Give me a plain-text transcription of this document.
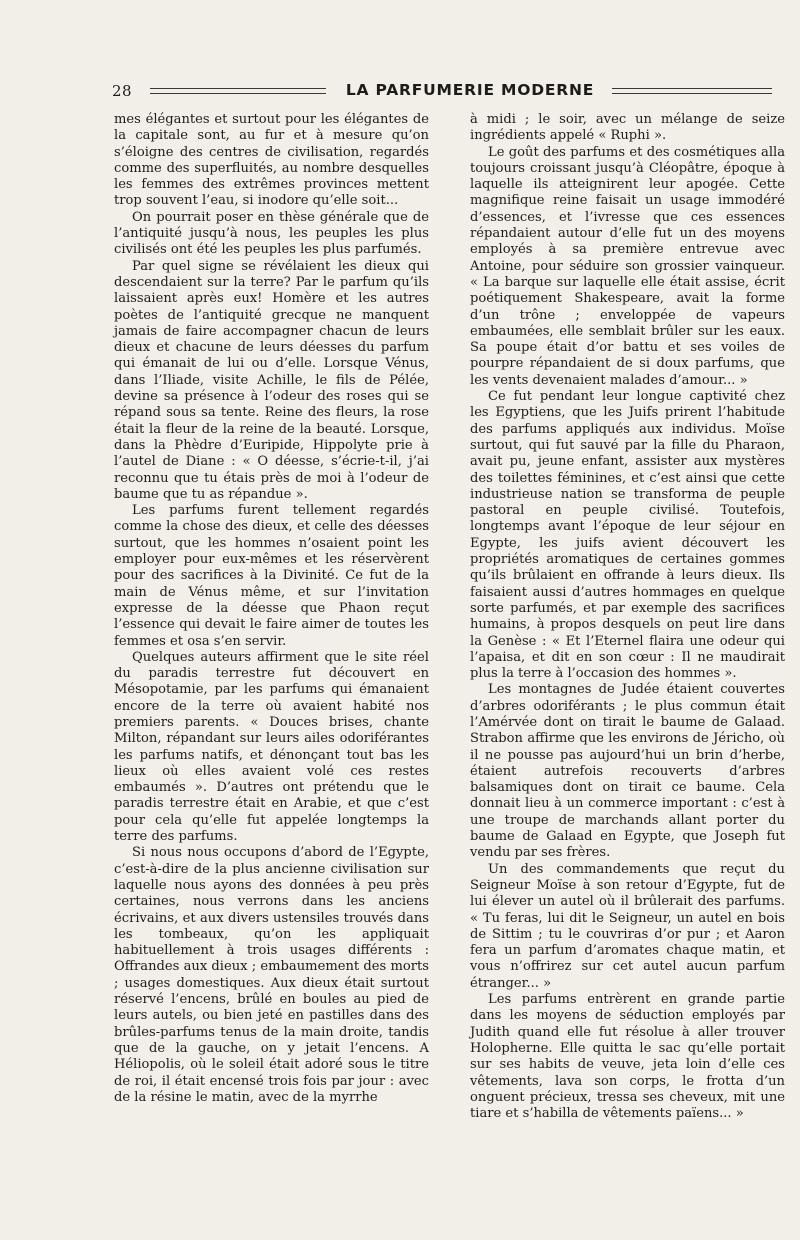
28	LA PARFUMERIE MODERNE

mes élégantes et surtout pour les élégantes de la capitale sont, au fur et à mesure qu’on s’éloigne des centres de civilisation, regardés comme des superfluités, au nombre desquelles les femmes des extrêmes provinces mettent trop souvent l’eau, si inodore qu’elle soit...

On pourrait poser en thèse générale que de l’antiquité jusqu’à nous, les peuples les plus civilisés ont été les peuples les plus parfumés.

Par quel signe se révélaient les dieux qui descendaient sur la terre? Par le parfum qu’ils laissaient après eux! Homère et les autres poètes de l’antiquité grecque ne manquent jamais de faire accompagner chacun de leurs dieux et chacune de leurs déesses du parfum qui émanait de lui ou d’elle. Lorsque Vénus, dans l’Iliade, visite Achille, le fils de Pélée, devine sa présence à l’odeur des roses qui se répand sous sa tente. Reine des fleurs, la rose était la fleur de la reine de la beauté. Lorsque, dans la Phèdre d’Euripide, Hippolyte prie à l’autel de Diane : « O déesse, s’écrie-t-il, j’ai reconnu que tu étais près de moi à l’odeur de baume que tu as répandue ».

Les parfums furent tellement regardés comme la chose des dieux, et celle des déesses surtout, que les hommes n’osaient point les employer pour eux-mêmes et les réservèrent pour des sacrifices à la Divinité. Ce fut de la main de Vénus même, et sur l’invitation expresse de la déesse que Phaon reçut l’essence qui devait le faire aimer de toutes les femmes et osa s’en servir.

Quelques auteurs affirment que le site réel du paradis terrestre fut découvert en Mésopotamie, par les parfums qui émanaient encore de la terre où avaient habité nos premiers parents. « Douces brises, chante Milton, répandant sur leurs ailes odoriférantes les parfums natifs, et dénonçant tout bas les lieux où elles avaient volé ces restes embaumés ». D’autres ont prétendu que le paradis terrestre était en Arabie, et que c’est pour cela qu’elle fut appelée longtemps la terre des parfums.

Si nous nous occupons d’abord de l’Egypte, c’est-à-dire de la plus ancienne civilisation sur laquelle nous ayons des données à peu près certaines, nous verrons dans les anciens écrivains, et aux divers ustensiles trouvés dans les tombeaux, qu’on les appliquait habituellement à trois usages différents : Offrandes aux dieux ; embaumement des morts ; usages domestiques. Aux dieux était surtout réservé l’encens, brûlé en boules au pied de leurs autels, ou bien jeté en pastilles dans des brûles-parfums tenus de la main droite, tandis que de la gauche, on y jetait l’encens. A Héliopolis, où le soleil était adoré sous le titre de roi, il était encensé trois fois par jour : avec de la résine le matin, avec de la myrrhe

à midi ; le soir, avec un mélange de seize ingrédients appelé « Ruphi ».

Le goût des parfums et des cosmétiques alla toujours croissant jusqu’à Cléopâtre, époque à laquelle ils atteignirent leur apogée. Cette magnifique reine faisait un usage immodéré d’essences, et l’ivresse que ces essences répandaient autour d’elle fut un des moyens employés à sa première entrevue avec Antoine, pour séduire son grossier vainqueur. « La barque sur laquelle elle était assise, écrit poétiquement Shakespeare, avait la forme d’un trône ; enveloppée de vapeurs embaumées, elle semblait brûler sur les eaux. Sa poupe était d’or battu et ses voiles de pourpre répandaient de si doux parfums, que les vents devenaient malades d’amour... »

Ce fut pendant leur longue captivité chez les Egyptiens, que les Juifs prirent l’habitude des parfums appliqués aux individus. Moïse surtout, qui fut sauvé par la fille du Pharaon, avait pu, jeune enfant, assister aux mystères des toilettes féminines, et c’est ainsi que cette industrieuse nation se transforma de peuple pastoral en peuple civilisé. Toutefois, longtemps avant l’époque de leur séjour en Egypte, les juifs avient découvert les propriétés aromatiques de certaines gommes qu’ils brûlaient en offrande à leurs dieux. Ils faisaient aussi d’autres hommages en quelque sorte parfumés, et par exemple des sacrifices humains, à propos desquels on peut lire dans la Genèse : « Et l’Eternel flaira une odeur qui l’apaisa, et dit en son cœur : Il ne maudirait plus la terre à l’occasion des hommes ».

Les montagnes de Judée étaient couvertes d’arbres odoriférants ; le plus commun était l’Amérvée dont on tirait le baume de Galaad. Strabon affirme que les environs de Jéricho, où il ne pousse pas aujourd’hui un brin d’herbe, étaient autrefois recouverts d’arbres balsamiques dont on tirait ce baume. Cela donnait lieu à un commerce important : c’est à une troupe de marchands allant porter du baume de Galaad en Egypte, que Joseph fut vendu par ses frères.

Un des commandements que reçut du Seigneur Moïse à son retour d’Egypte, fut de lui élever un autel où il brûlerait des parfums. « Tu feras, lui dit le Seigneur, un autel en bois de Sittim ; tu le couvriras d’or pur ; et Aaron fera un parfum d’aromates chaque matin, et vous n’offrirez sur cet autel aucun parfum étranger... »

Les parfums entrèrent en grande partie dans les moyens de séduction employés par Judith quand elle fut résolue à aller trouver Holopherne. Elle quitta le sac qu’elle portait sur ses habits de veuve, jeta loin d’elle ces vêtements, lava son corps, le frotta d’un onguent précieux, tressa ses cheveux, mit une tiare et s’habilla de vêtements païens... »
